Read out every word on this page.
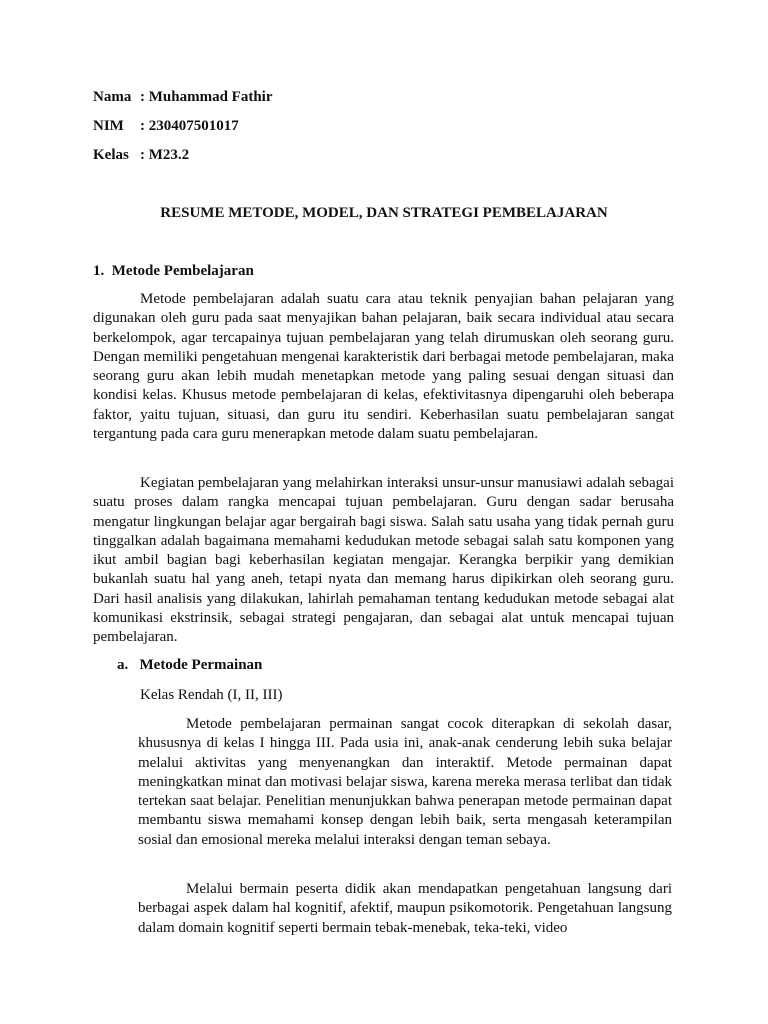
Nama : Muhammad Fathir
NIM : 230407501017
Kelas : M23.2
RESUME METODE, MODEL, DAN STRATEGI PEMBELAJARAN
1.  Metode Pembelajaran

Metode pembelajaran adalah suatu cara atau teknik penyajian bahan pelajaran yang digunakan oleh guru pada saat menyajikan bahan pelajaran, baik secara individual atau secara berkelompok, agar tercapainya tujuan pembelajaran yang telah dirumuskan oleh seorang guru. Dengan memiliki pengetahuan mengenai karakteristik dari berbagai metode pembelajaran, maka seorang guru akan lebih mudah menetapkan metode yang paling sesuai dengan situasi dan kondisi kelas. Khusus metode pembelajaran di kelas, efektivitasnya dipengaruhi oleh beberapa faktor, yaitu tujuan, situasi, dan guru itu sendiri. Keberhasilan suatu pembelajaran sangat tergantung pada cara guru menerapkan metode dalam suatu pembelajaran.

Kegiatan pembelajaran yang melahirkan interaksi unsur-unsur manusiawi adalah sebagai suatu proses dalam rangka mencapai tujuan pembelajaran. Guru dengan sadar berusaha mengatur lingkungan belajar agar bergairah bagi siswa. Salah satu usaha yang tidak pernah guru tinggalkan adalah bagaimana memahami kedudukan metode sebagai salah satu komponen yang ikut ambil bagian bagi keberhasilan kegiatan mengajar. Kerangka berpikir yang demikian bukanlah suatu hal yang aneh, tetapi nyata dan memang harus dipikirkan oleh seorang guru. Dari hasil analisis yang dilakukan, lahirlah pemahaman tentang kedudukan metode sebagai alat komunikasi ekstrinsik, sebagai strategi pengajaran, dan sebagai alat untuk mencapai tujuan pembelajaran.

a.   Metode Permainan
Kelas Rendah (I, II, III)

Metode pembelajaran permainan sangat cocok diterapkan di sekolah dasar, khususnya di kelas I hingga III. Pada usia ini, anak-anak cenderung lebih suka belajar melalui aktivitas yang menyenangkan dan interaktif. Metode permainan dapat meningkatkan minat dan motivasi belajar siswa, karena mereka merasa terlibat dan tidak tertekan saat belajar. Penelitian menunjukkan bahwa penerapan metode permainan dapat membantu siswa memahami konsep dengan lebih baik, serta mengasah keterampilan sosial dan emosional mereka melalui interaksi dengan teman sebaya.

Melalui bermain peserta didik akan mendapatkan pengetahuan langsung dari berbagai aspek dalam hal kognitif, afektif, maupun psikomotorik. Pengetahuan langsung dalam domain kognitif seperti bermain tebak-menebak, teka-teki, video
